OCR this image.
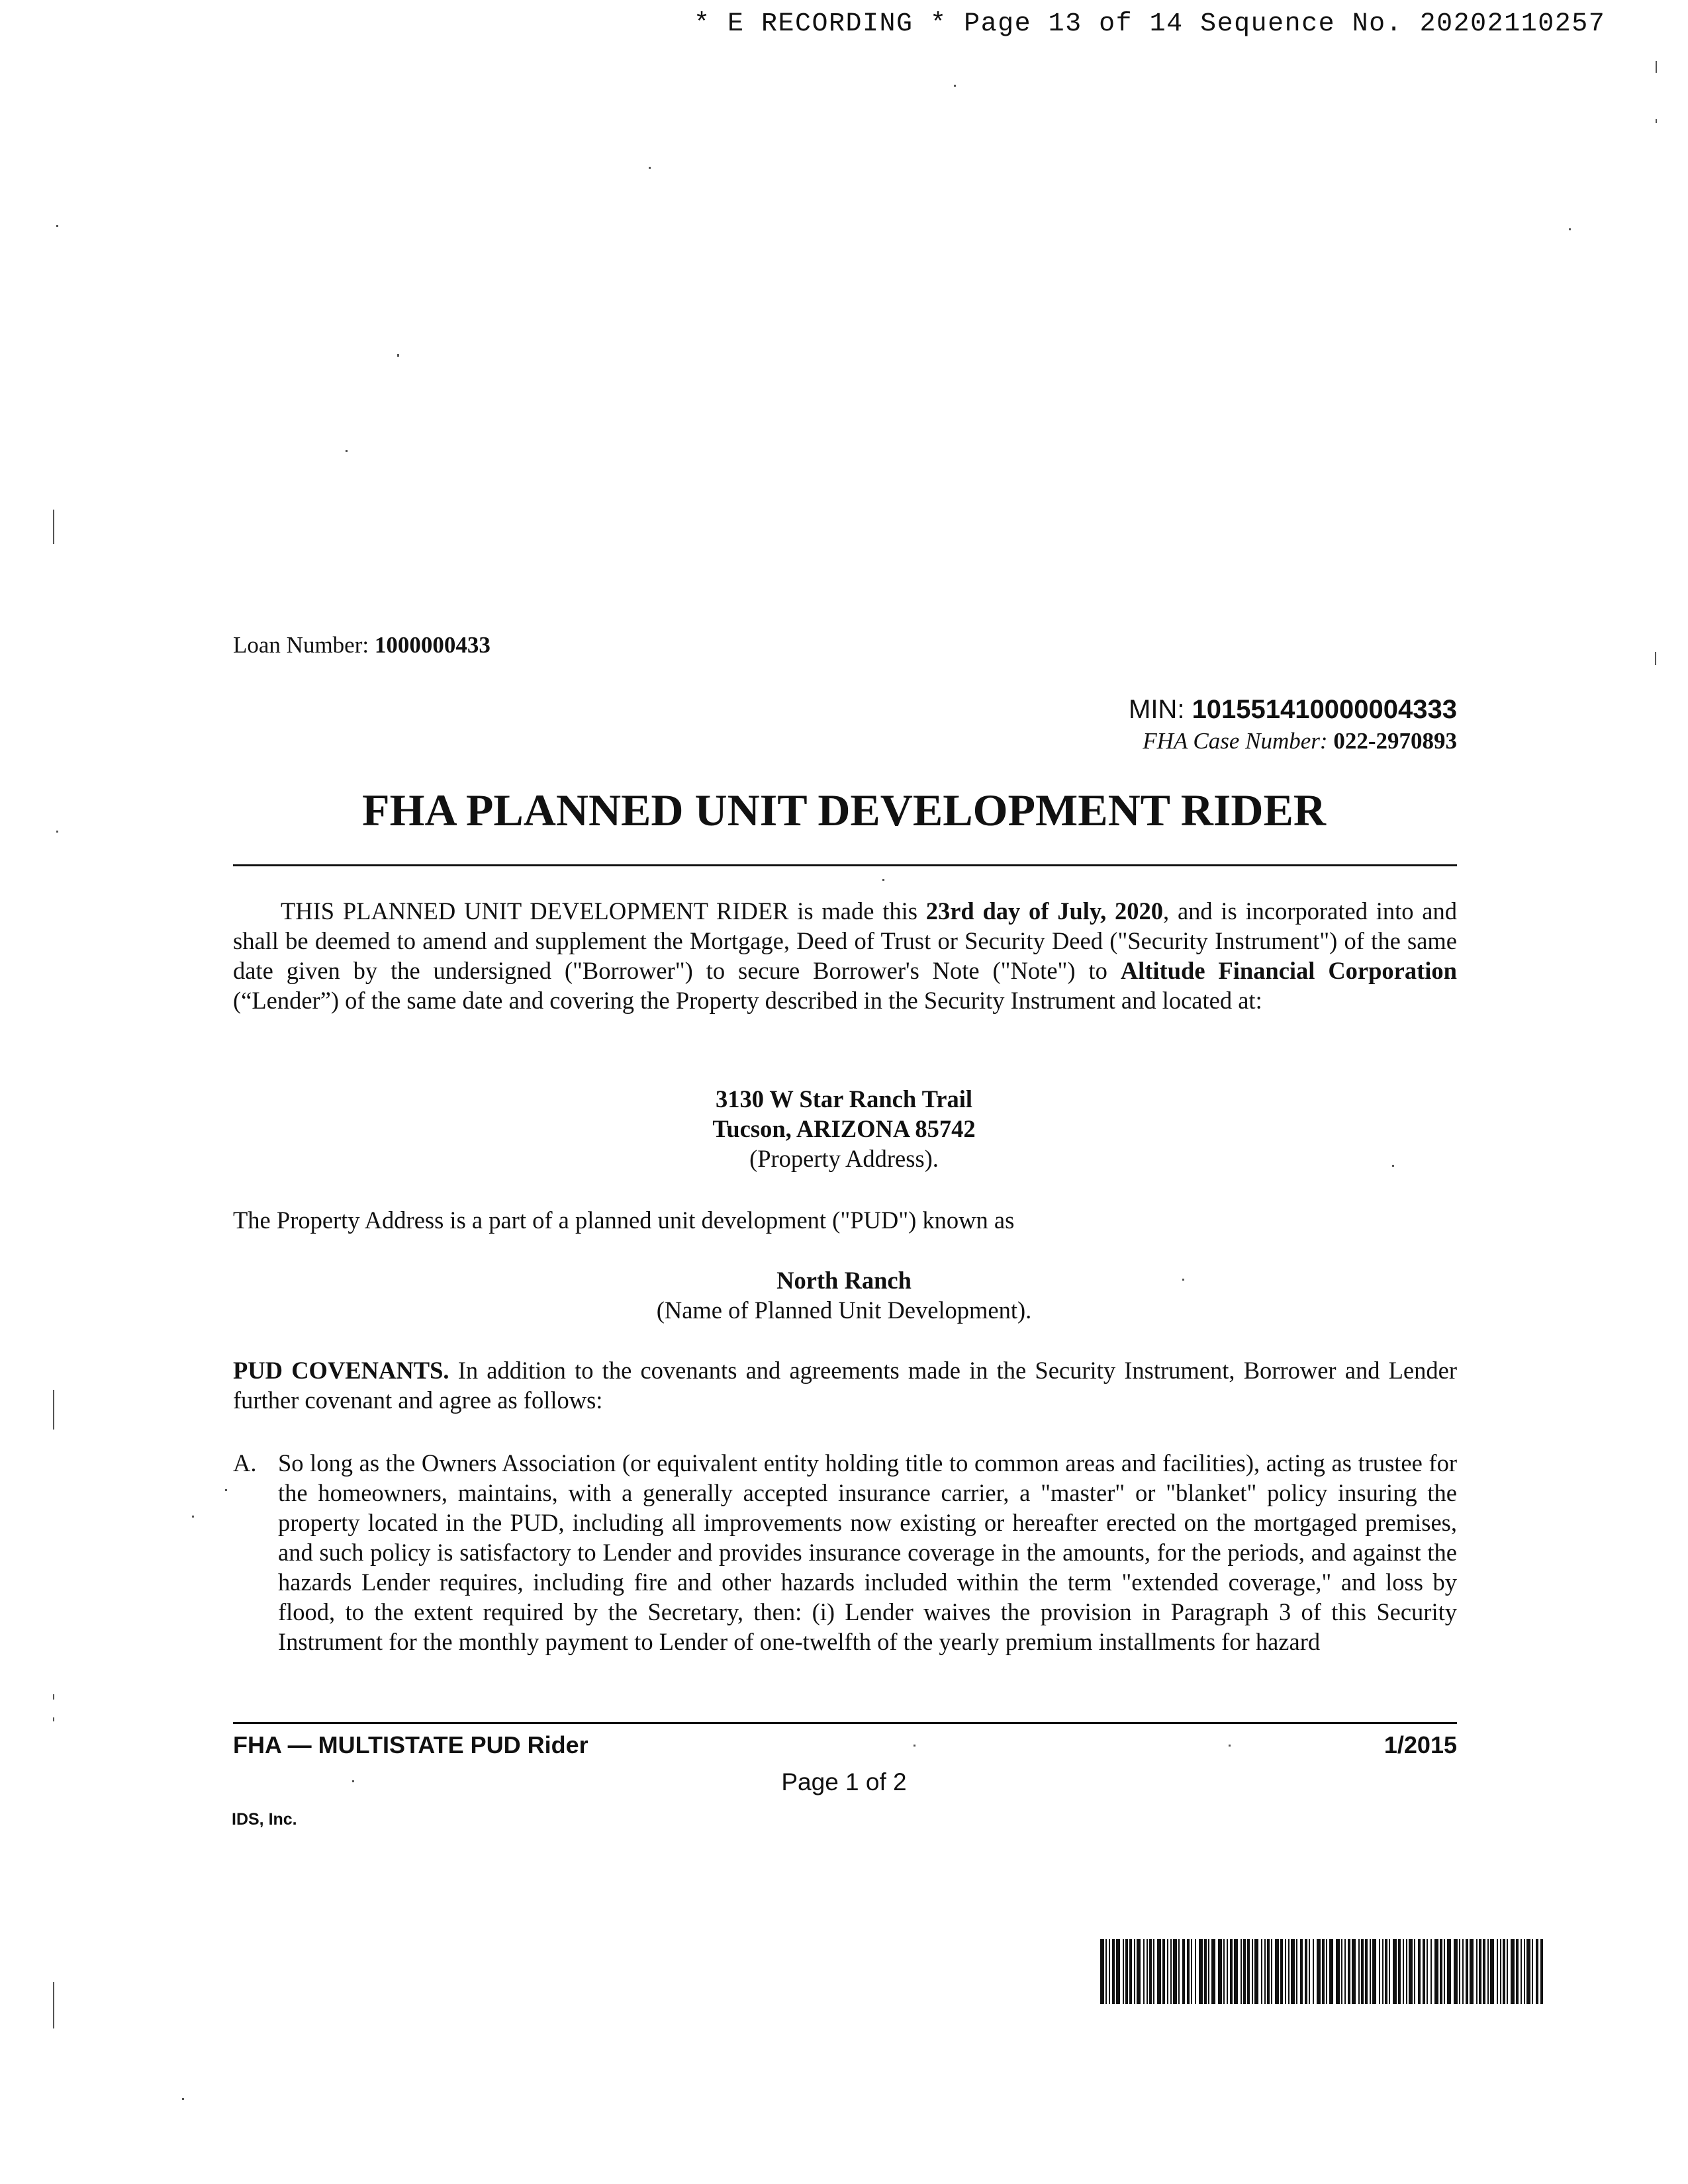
* E RECORDING * Page 13 of 14 Sequence No. 20202110257
Loan Number: 1000000433
MIN: 101551410000004333
FHA Case Number: 022-2970893
FHA PLANNED UNIT DEVELOPMENT RIDER
THIS PLANNED UNIT DEVELOPMENT RIDER is made this 23rd day of July, 2020, and is incorporated into and shall be deemed to amend and supplement the Mortgage, Deed of Trust or Security Deed ("Security Instrument") of the same date given by the undersigned ("Borrower") to secure Borrower's Note ("Note") to Altitude Financial Corporation (“Lender”) of the same date and covering the Property described in the Security Instrument and located at:
3130 W Star Ranch Trail
Tucson, ARIZONA 85742
(Property Address).
The Property Address is a part of a planned unit development ("PUD") known as
North Ranch
(Name of Planned Unit Development).
PUD COVENANTS. In addition to the covenants and agreements made in the Security Instrument, Borrower and Lender further covenant and agree as follows:
A. So long as the Owners Association (or equivalent entity holding title to common areas and facilities), acting as trustee for the homeowners, maintains, with a generally accepted insurance carrier, a "master" or "blanket" policy insuring the property located in the PUD, including all improvements now existing or hereafter erected on the mortgaged premises, and such policy is satisfactory to Lender and provides insurance coverage in the amounts, for the periods, and against the hazards Lender requires, including fire and other hazards included within the term "extended coverage," and loss by flood, to the extent required by the Secretary, then: (i) Lender waives the provision in Paragraph 3 of this Security Instrument for the monthly payment to Lender of one-twelfth of the yearly premium installments for hazard
FHA — MULTISTATE PUD Rider	1/2015
Page 1 of 2
IDS, Inc.
